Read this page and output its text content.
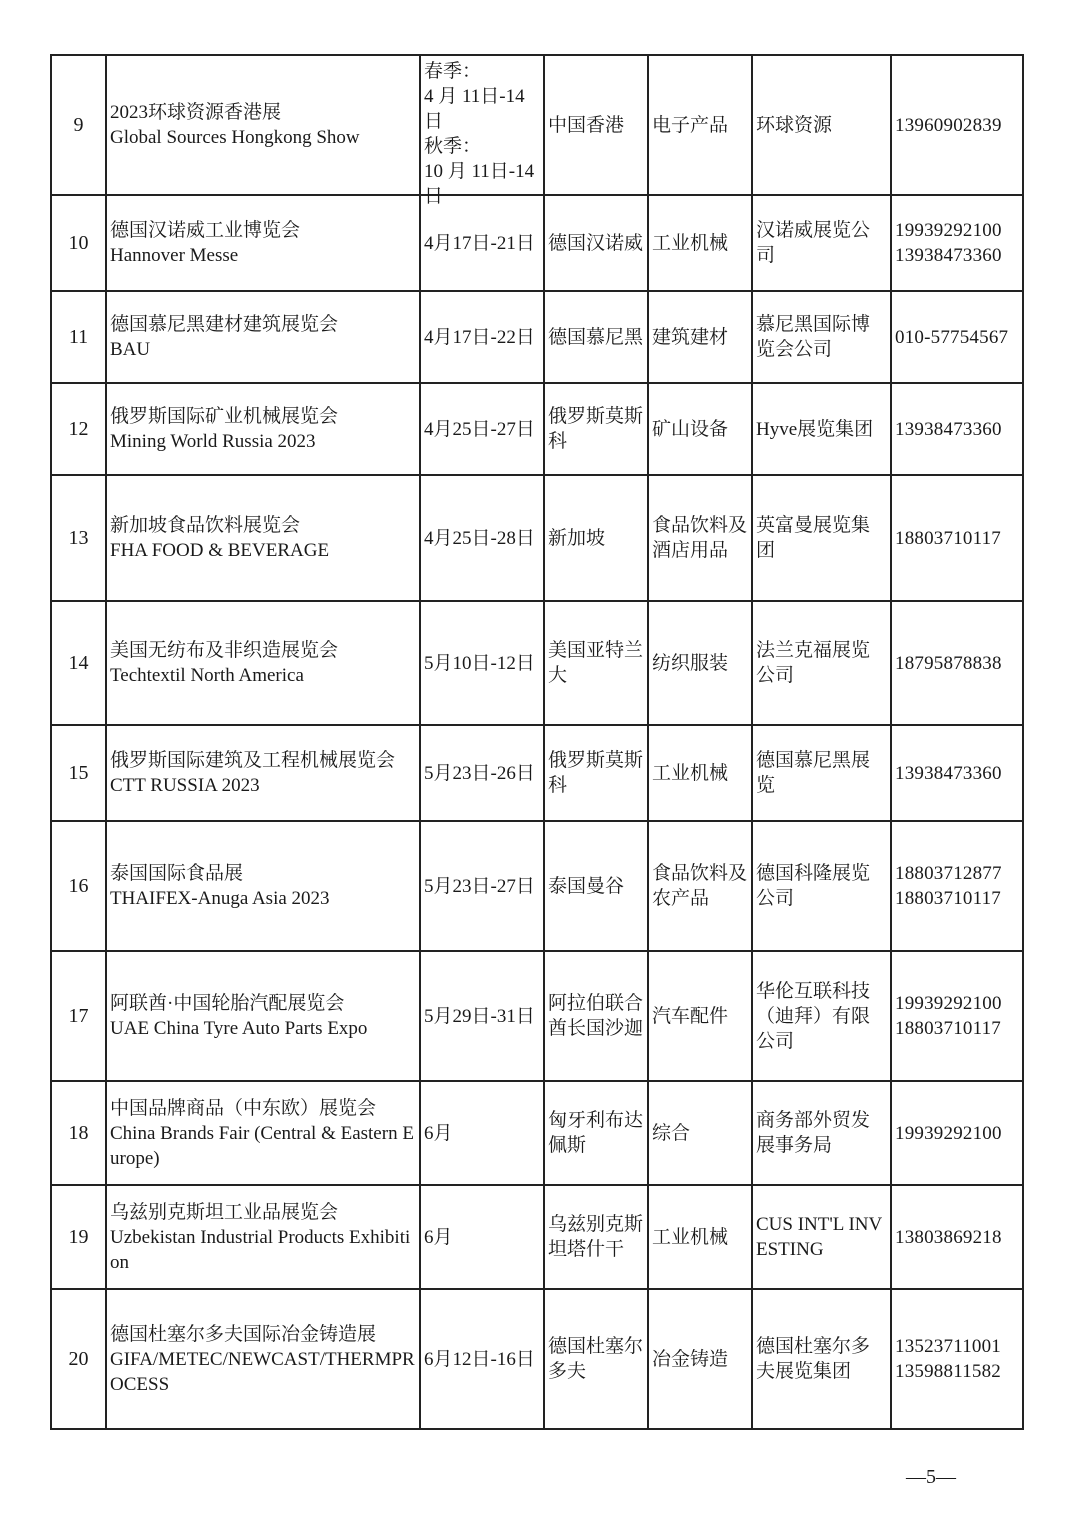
9	2023环球资源香港展
Global Sources Hongkong Show	春季：
4 月 11日-14 日
秋季：
10 月 11日-14 日	中国香港	电子产品	环球资源	13960902839
10	德国汉诺威工业博览会
Hannover Messe	4月17日-21日	德国汉诺威	工业机械	汉诺威展览公司	19939292100
13938473360
11	德国慕尼黑建材建筑展览会
BAU	4月17日-22日	德国慕尼黑	建筑建材	慕尼黑国际博览会公司	010-57754567
12	俄罗斯国际矿业机械展览会
Mining World Russia 2023	4月25日-27日	俄罗斯莫斯科	矿山设备	Hyve展览集团	13938473360
13	新加坡食品饮料展览会
FHA FOOD & BEVERAGE	4月25日-28日	新加坡	食品饮料及酒店用品	英富曼展览集团	18803710117
14	美国无纺布及非织造展览会
Techtextil North America	5月10日-12日	美国亚特兰大	纺织服装	法兰克福展览公司	18795878838
15	俄罗斯国际建筑及工程机械展览会
CTT RUSSIA 2023	5月23日-26日	俄罗斯莫斯科	工业机械	德国慕尼黑展览	13938473360
16	泰国国际食品展
THAIFEX-Anuga Asia 2023	5月23日-27日	泰国曼谷	食品饮料及农产品	德国科隆展览公司	18803712877
18803710117
17	阿联酋·中国轮胎汽配展览会
UAE China Tyre Auto Parts Expo	5月29日-31日	阿拉伯联合酋长国沙迦	汽车配件	华伦互联科技（迪拜）有限公司	19939292100
18803710117
18	中国品牌商品（中东欧）展览会
China Brands Fair (Central & Eastern Europe)	6月	匈牙利布达佩斯	综合	商务部外贸发展事务局	19939292100
19	乌兹别克斯坦工业品展览会
Uzbekistan Industrial Products Exhibition	6月	乌兹别克斯坦塔什干	工业机械	CUS INT'L INVESTING	13803869218
20	德国杜塞尔多夫国际冶金铸造展
GIFA/METEC/NEWCAST/THERMPROCESS	6月12日-16日	德国杜塞尔多夫	冶金铸造	德国杜塞尔多夫展览集团	13523711001
13598811582
—5—
